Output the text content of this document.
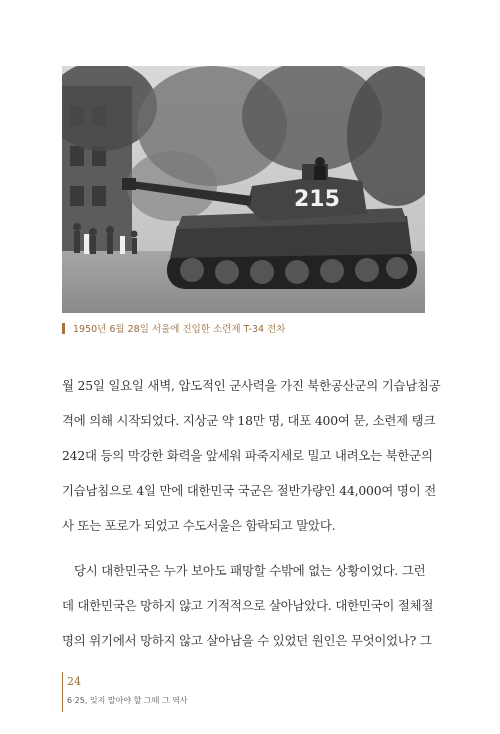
215
1950년 6월 28일 서울에 진입한 소련제 T-34 전차
월 25일 일요일 새벽, 압도적인 군사력을 가진 북한공산군의 기습남침공
격에 의해 시작되었다. 지상군 약 18만 명, 대포 400여 문, 소련제 탱크
242대 등의 막강한 화력을 앞세워 파죽지세로 밀고 내려오는 북한군의
기습남침으로 4일 만에 대한민국 국군은 절반가량인 44,000여 명이 전
사 또는 포로가 되었고 수도서울은 함락되고 말았다.
당시 대한민국은 누가 보아도 패망할 수밖에 없는 상황이었다. 그런
데 대한민국은 망하지 않고 기적적으로 살아남았다. 대한민국이 절체절
명의 위기에서 망하지 않고 살아남을 수 있었던 원인은 무엇이었나? 그
24
6·25, 잊지 말아야 할 그때 그 역사
